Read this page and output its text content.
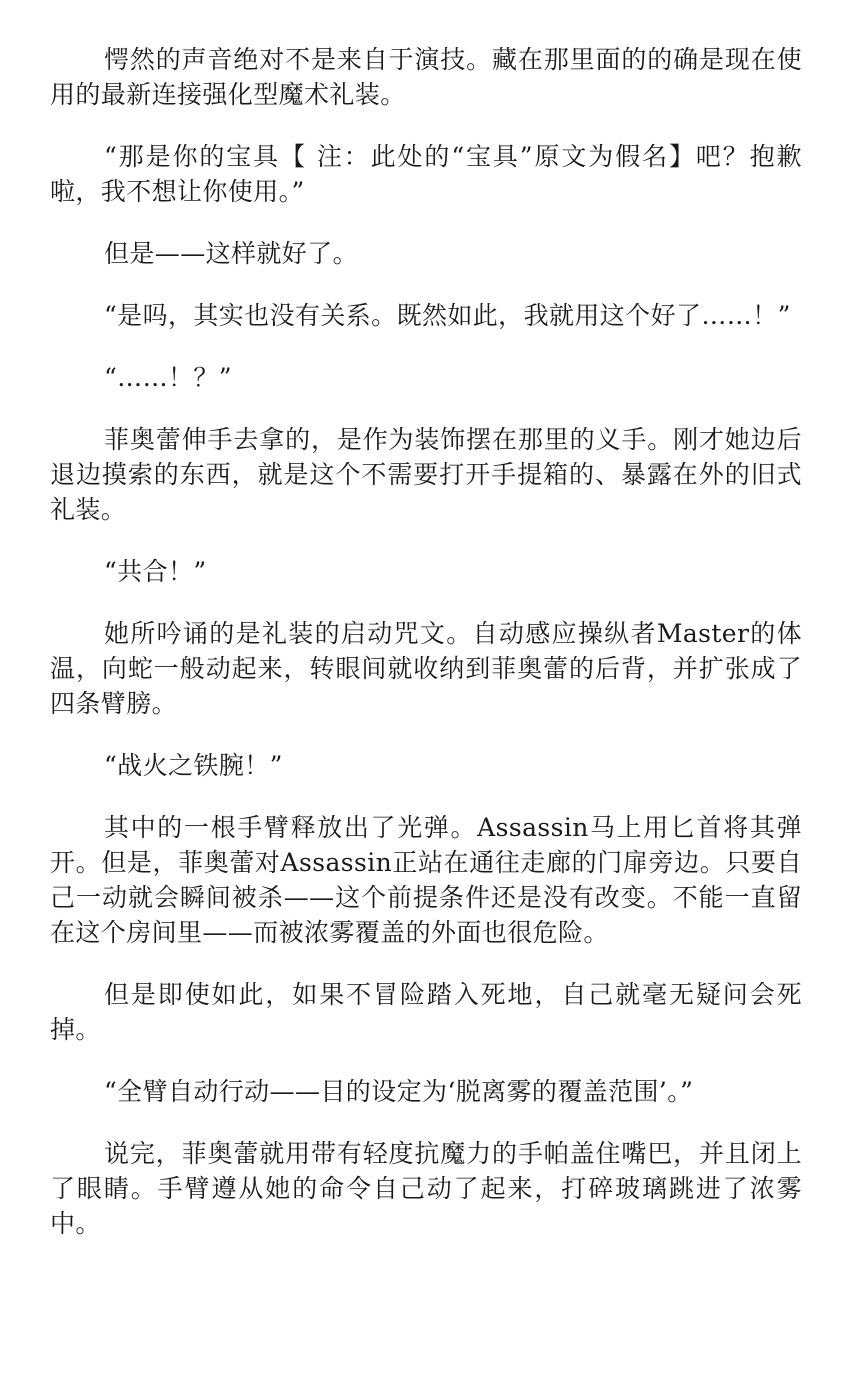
愕然的声音绝对不是来自于演技。藏在那里面的的确是现在使用的最新连接强化型魔术礼装。

“那是你的宝具【 注：此处的“宝具”原文为假名】吧？抱歉啦，我不想让你使用。”

但是——这样就好了。

“是吗，其实也没有关系。既然如此，我就用这个好了……！”

“……！？”

菲奥蕾伸手去拿的，是作为装饰摆在那里的义手。刚才她边后退边摸索的东西，就是这个不需要打开手提箱的、暴露在外的旧式礼装。

“共合！”

她所吟诵的是礼装的启动咒文。自动感应操纵者Master的体温，向蛇一般动起来，转眼间就收纳到菲奥蕾的后背，并扩张成了四条臂膀。

“战火之铁腕！”

其中的一根手臂释放出了光弹。Assassin马上用匕首将其弹开。但是，菲奥蕾对Assassin正站在通往走廊的门扉旁边。只要自己一动就会瞬间被杀——这个前提条件还是没有改变。不能一直留在这个房间里——而被浓雾覆盖的外面也很危险。

但是即使如此，如果不冒险踏入死地，自己就毫无疑问会死掉。

“全臂自动行动——目的设定为‘脱离雾的覆盖范围’。”

说完，菲奥蕾就用带有轻度抗魔力的手帕盖住嘴巴，并且闭上了眼睛。手臂遵从她的命令自己动了起来，打碎玻璃跳进了浓雾中。
